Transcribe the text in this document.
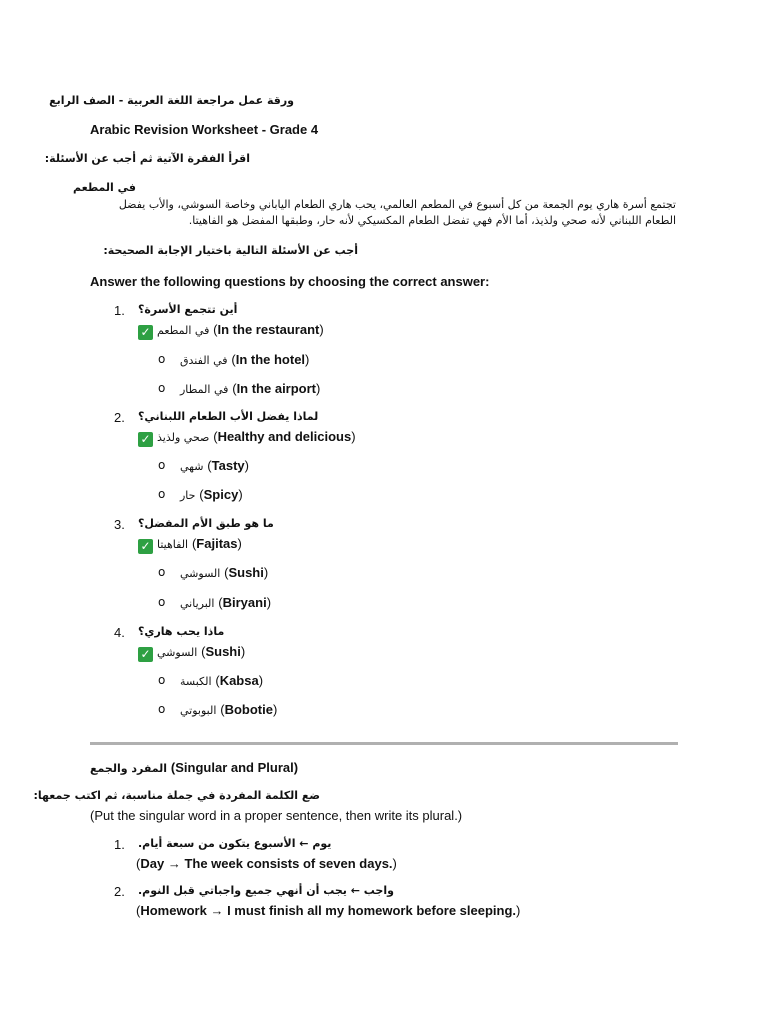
ورقة عمل مراجعة اللغة العربية - الصف الرابع
Arabic Revision Worksheet - Grade 4
اقرأ الفقرة الآتية ثم أجب عن الأسئلة:
في المطعم
تجتمع أسرة هاري يوم الجمعة من كل أسبوع في المطعم العالمي، يحب هاري الطعام الياباني وخاصة السوشي، والأب يفضل الطعام اللبناني لأنه صحي ولذيذ، أما الأم فهي تفضل الطعام المكسيكي لأنه حار، وطبقها المفضل هو الفاهيتا.
أجب عن الأسئلة التالية باختيار الإجابة الصحيحة:
Answer the following questions by choosing the correct answer:
1. أين تتجمع الأسرة؟
✓ في المطعم (In the restaurant)
o في الفندق (In the hotel)
o في المطار (In the airport)
2. لماذا يفضل الأب الطعام اللبناني؟
✓ صحي ولذيذ (Healthy and delicious)
o شهي (Tasty)
o حار (Spicy)
3. ما هو طبق الأم المفضل؟
✓ الفاهيتا (Fajitas)
o السوشي (Sushi)
o البرياني (Biryani)
4. ماذا يحب هاري؟
✓ السوشي (Sushi)
o الكبسة (Kabsa)
o البوبوتي (Bobotie)
المفرد والجمع (Singular and Plural)
ضع الكلمة المفردة في جملة مناسبة، ثم اكتب جمعها:
(Put the singular word in a proper sentence, then write its plural.)
1. يوم ← الأسبوع يتكون من سبعة أيام.
(Day → The week consists of seven days.)
2. واجب ← يجب أن أنهي جميع واجباتي قبل النوم.
(Homework → I must finish all my homework before sleeping.)
